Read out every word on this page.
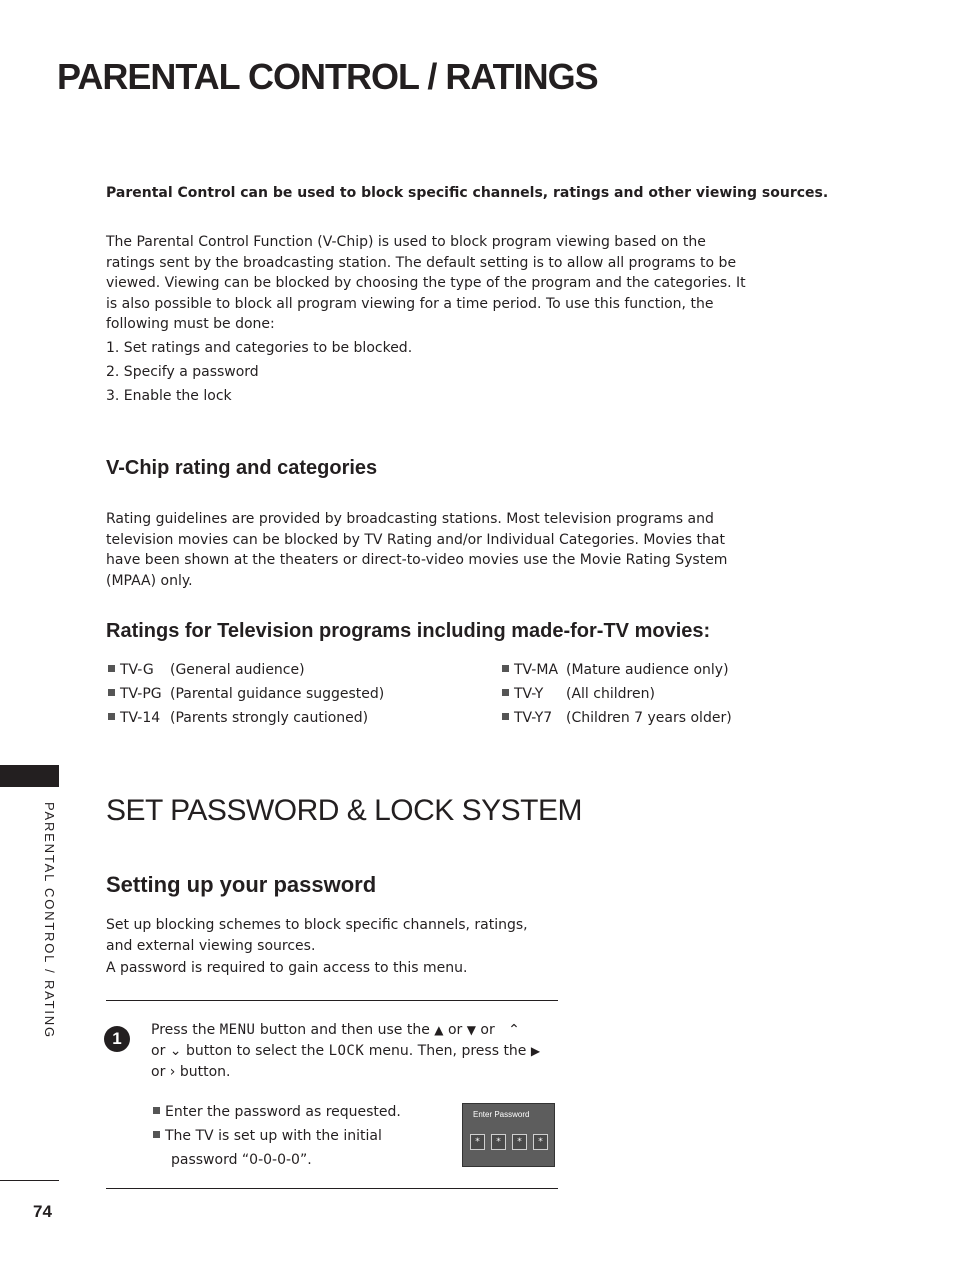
PARENTAL CONTROL / RATINGS
Parental Control can be used to block specific channels, ratings and other viewing sources.
The Parental Control Function (V-Chip) is used to block program viewing based on the ratings sent by the broadcasting station. The default setting is to allow all programs to be viewed. Viewing can be blocked by choosing the type of the program and the categories. It is also possible to block all program viewing for a time period. To use this function, the following must be done:
1. Set ratings and categories to be blocked.
2. Specify a password
3. Enable the lock
V-Chip rating and categories
Rating guidelines are provided by broadcasting stations. Most television programs and television movies can be blocked by TV Rating and/or Individual Categories. Movies that have been shown at the theaters or direct-to-video movies use the Movie Rating System (MPAA) only.
Ratings for Television programs including made-for-TV movies:
TV-G (General audience)
TV-PG (Parental guidance suggested)
TV-14 (Parents strongly cautioned)
TV-MA (Mature audience only)
TV-Y (All children)
TV-Y7 (Children 7 years older)
PARENTAL CONTROL / RATING SET PASSWORD & LOCK SYSTEM
Setting up your password
Set up blocking schemes to block specific channels, ratings, and external viewing sources.
A password is required to gain access to this menu.
1	Press the MENU button and then use the ▲ or ▼ or   ⌃
or ⌄ button to select the LOCK menu. Then, press the ▶
or › button.
Enter the password as requested.
The TV is set up with the initial
password “0-0-0-0”.
Enter Password
*	*	*	*
74
